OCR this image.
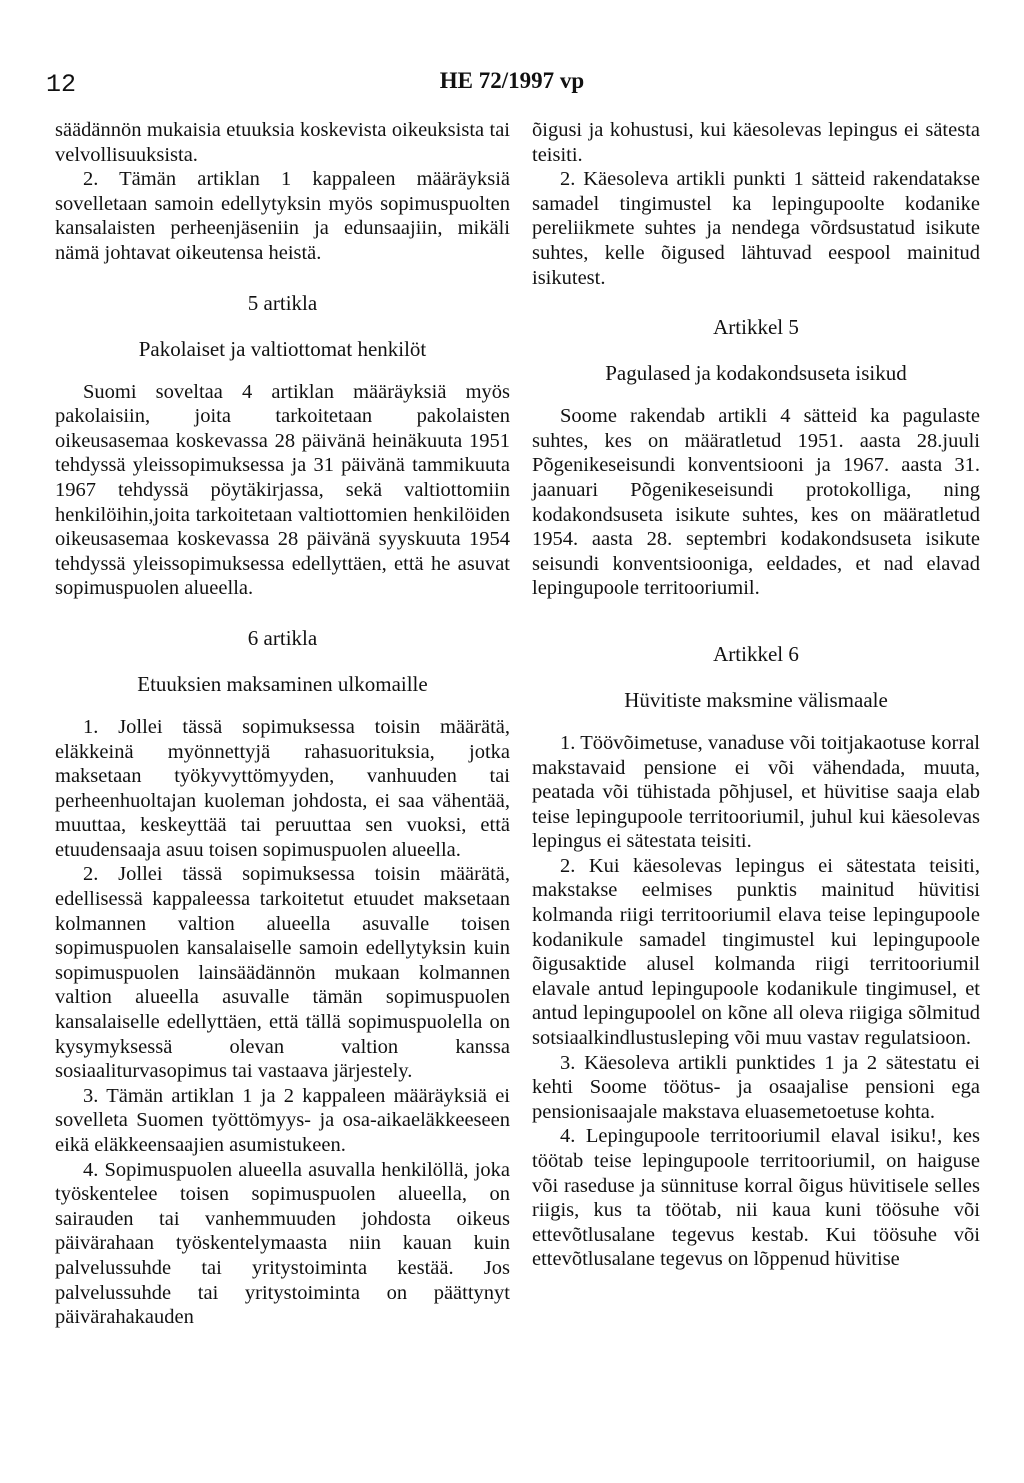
12	HE 72/1997 vp

säädännön mukaisia etuuksia koskevista oikeuksista tai velvollisuuksista.

2. Tämän artiklan 1 kappaleen määräyksiä sovelletaan samoin edellytyksin myös sopimuspuolten kansalaisten perheenjäseniin ja edunsaajiin, mikäli nämä johtavat oikeutensa heistä.

5 artikla
Pakolaiset ja valtiottomat henkilöt

Suomi soveltaa 4 artiklan määräyksiä myös pakolaisiin, joita tarkoitetaan pakolaisten oikeusasemaa koskevassa 28 päivänä heinäkuuta 1951 tehdyssä yleissopimuksessa ja 31 päivänä tammikuuta 1967 tehdyssä pöytäkirjassa, sekä valtiottomiin henkilöihin,joita tarkoitetaan valtiottomien henkilöiden oikeusasemaa koskevassa 28 päivänä syyskuuta 1954 tehdyssä yleissopimuksessa edellyttäen, että he asuvat sopimuspuolen alueella.

6 artikla
Etuuksien maksaminen ulkomaille

1. Jollei tässä sopimuksessa toisin määrätä, eläkkeinä myönnettyjä rahasuorituksia, jotka maksetaan työkyvyttömyyden, vanhuuden tai perheenhuoltajan kuoleman johdosta, ei saa vähentää, muuttaa, keskeyttää tai peruuttaa sen vuoksi, että etuudensaaja asuu toisen sopimuspuolen alueella.

2. Jollei tässä sopimuksessa toisin määrätä, edellisessä kappaleessa tarkoitetut etuudet maksetaan kolmannen valtion alueella asuvalle toisen sopimuspuolen kansalaiselle samoin edellytyksin kuin sopimuspuolen lainsäädännön mukaan kolmannen valtion alueella asuvalle tämän sopimuspuolen kansalaiselle edellyttäen, että tällä sopimuspuolella on kysymyksessä olevan valtion kanssa sosiaaliturvasopimus tai vastaava järjestely.

3. Tämän artiklan 1 ja 2 kappaleen määräyksiä ei sovelleta Suomen työttömyys- ja osa-aikaeläkkeeseen eikä eläkkeensaajien asumistukeen.

4. Sopimuspuolen alueella asuvalla henkilöllä, joka työskentelee toisen sopimuspuolen alueella, on sairauden tai vanhemmuuden johdosta oikeus päivärahaan työskentelymaasta niin kauan kuin palvelussuhde tai yritystoiminta kestää. Jos palvelussuhde tai yritystoiminta on päättynyt päivärahakauden

õigusi ja kohustusi, kui käesolevas lepingus ei sätesta teisiti.

2. Käesoleva artikli punkti 1 sätteid rakendatakse samadel tingimustel ka lepingupoolte kodanike pereliikmete suhtes ja nendega võrdsustatud isikute suhtes, kelle õigused lähtuvad eespool mainitud isikutest.

Artikkel 5
Pagulased ja kodakondsuseta isikud

Soome rakendab artikli 4 sätteid ka pagulaste suhtes, kes on määratletud 1951. aasta 28.juuli Põgenikeseisundi konventsiooni ja 1967. aasta 31. jaanuari Põgenikeseisundi protokolliga, ning kodakondsuseta isikute suhtes, kes on määratletud 1954. aasta 28. septembri kodakondsuseta isikute seisundi konventsiooniga, eeldades, et nad elavad lepingupoole territooriumil.

Artikkel 6
Hüvitiste maksmine välismaale

1. Töövõimetuse, vanaduse või toitjakaotuse korral makstavaid pensione ei või vähendada, muuta, peatada või tühistada põhjusel, et hüvitise saaja elab teise lepingupoole territooriumil, juhul kui käesolevas lepingus ei sätestata teisiti.

2. Kui käesolevas lepingus ei sätestata teisiti, makstakse eelmises punktis mainitud hüvitisi kolmanda riigi territooriumil elava teise lepingupoole kodanikule samadel tingimustel kui lepingupoole õigusaktide alusel kolmanda riigi territooriumil elavale antud lepingupoole kodanikule tingimusel, et antud lepingupoolel on kõne all oleva riigiga sõlmitud sotsiaalkindlustusleping või muu vastav regulatsioon.

3. Käesoleva artikli punktides 1 ja 2 sätestatu ei kehti Soome töötus- ja osaajalise pensioni ega pensionisaajale makstava eluasemetoetuse kohta.

4. Lepingupoole territooriumil elaval isiku!, kes töötab teise lepingupoole territooriumil, on haiguse või raseduse ja sünnituse korral õigus hüvitisele selles riigis, kus ta töötab, nii kaua kuni töösuhe või ettevõtlusalane tegevus kestab. Kui töösuhe või ettevõtlusalane tegevus on lõppenud hüvitise
